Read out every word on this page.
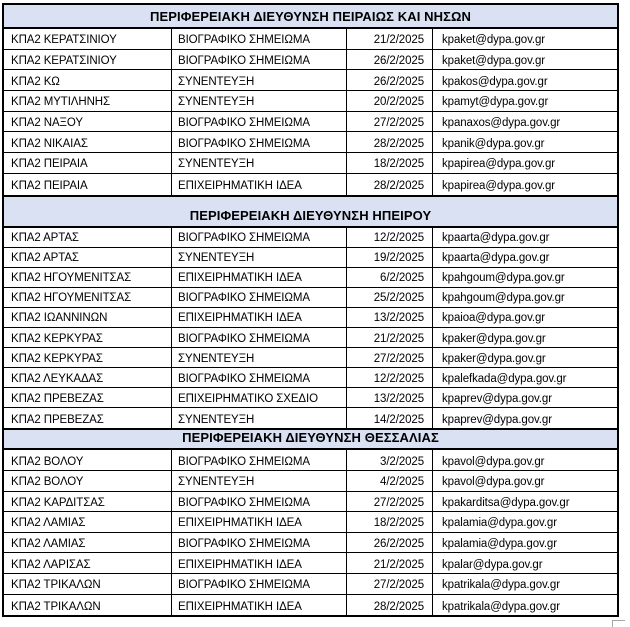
ΠΕΡΙΦΕΡΕΙΑΚΗ ΔΙΕΥΘΥΝΣΗ ΠΕΙΡΑΙΩΣ ΚΑΙ ΝΗΣΩΝ
ΚΠΑ2 ΚΕΡΑΤΣΙΝΙΟΥ	ΒΙΟΓΡΑΦΙΚΟ ΣΗΜΕΙΩΜΑ	21/2/2025	kpaket@dypa.gov.gr
ΚΠΑ2 ΚΕΡΑΤΣΙΝΙΟΥ	ΒΙΟΓΡΑΦΙΚΟ ΣΗΜΕΙΩΜΑ	26/2/2025	kpaket@dypa.gov.gr
ΚΠΑ2 ΚΩ	ΣΥΝΕΝΤΕΥΞΗ	26/2/2025	kpakos@dypa.gov.gr
ΚΠΑ2 ΜΥΤΙΛΗΝΗΣ	ΣΥΝΕΝΤΕΥΞΗ	20/2/2025	kpamyt@dypa.gov.gr
ΚΠΑ2 ΝΑΞΟΥ	ΒΙΟΓΡΑΦΙΚΟ ΣΗΜΕΙΩΜΑ	27/2/2025	kpanaxos@dypa.gov.gr
ΚΠΑ2 ΝΙΚΑΙΑΣ	ΒΙΟΓΡΑΦΙΚΟ ΣΗΜΕΙΩΜΑ	28/2/2025	kpanik@dypa.gov.gr
ΚΠΑ2 ΠΕΙΡΑΙΑ	ΣΥΝΕΝΤΕΥΞΗ	18/2/2025	kpapirea@dypa.gov.gr
ΚΠΑ2 ΠΕΙΡΑΙΑ	ΕΠΙΧΕΙΡΗΜΑΤΙΚΗ ΙΔΕΑ	28/2/2025	kpapirea@dypa.gov.gr
ΠΕΡΙΦΕΡΕΙΑΚΗ ΔΙΕΥΘΥΝΣΗ ΗΠΕΙΡΟΥ
ΚΠΑ2 ΑΡΤΑΣ	ΒΙΟΓΡΑΦΙΚΟ ΣΗΜΕΙΩΜΑ	12/2/2025	kpaarta@dypa.gov.gr
ΚΠΑ2 ΑΡΤΑΣ	ΣΥΝΕΝΤΕΥΞΗ	19/2/2025	kpaarta@dypa.gov.gr
ΚΠΑ2 ΗΓΟΥΜΕΝΙΤΣΑΣ	ΕΠΙΧΕΙΡΗΜΑΤΙΚΗ ΙΔΕΑ	6/2/2025	kpahgoum@dypa.gov.gr
ΚΠΑ2 ΗΓΟΥΜΕΝΙΤΣΑΣ	ΒΙΟΓΡΑΦΙΚΟ ΣΗΜΕΙΩΜΑ	25/2/2025	kpahgoum@dypa.gov.gr
ΚΠΑ2 ΙΩΑΝΝΙΝΩΝ	ΕΠΙΧΕΙΡΗΜΑΤΙΚΗ ΙΔΕΑ	13/2/2025	kpaioa@dypa.gov.gr
ΚΠΑ2 ΚΕΡΚΥΡΑΣ	ΒΙΟΓΡΑΦΙΚΟ ΣΗΜΕΙΩΜΑ	21/2/2025	kpaker@dypa.gov.gr
ΚΠΑ2 ΚΕΡΚΥΡΑΣ	ΣΥΝΕΝΤΕΥΞΗ	27/2/2025	kpaker@dypa.gov.gr
ΚΠΑ2 ΛΕΥΚΑΔΑΣ	ΒΙΟΓΡΑΦΙΚΟ ΣΗΜΕΙΩΜΑ	12/2/2025	kpalefkada@dypa.gov.gr
ΚΠΑ2 ΠΡΕΒΕΖΑΣ	ΕΠΙΧΕΙΡΗΜΑΤΙΚΟ ΣΧΕΔΙΟ	13/2/2025	kpaprev@dypa.gov.gr
ΚΠΑ2 ΠΡΕΒΕΖΑΣ	ΣΥΝΕΝΤΕΥΞΗ	14/2/2025	kpaprev@dypa.gov.gr
ΠΕΡΙΦΕΡΕΙΑΚΗ ΔΙΕΥΘΥΝΣΗ ΘΕΣΣΑΛΙΑΣ
ΚΠΑ2 ΒΟΛΟΥ	ΒΙΟΓΡΑΦΙΚΟ ΣΗΜΕΙΩΜΑ	3/2/2025	kpavol@dypa.gov.gr
ΚΠΑ2 ΒΟΛΟΥ	ΣΥΝΕΝΤΕΥΞΗ	4/2/2025	kpavol@dypa.gov.gr
ΚΠΑ2 ΚΑΡΔΙΤΣΑΣ	ΒΙΟΓΡΑΦΙΚΟ ΣΗΜΕΙΩΜΑ	27/2/2025	kpakarditsa@dypa.gov.gr
ΚΠΑ2 ΛΑΜΙΑΣ	ΕΠΙΧΕΙΡΗΜΑΤΙΚΗ ΙΔΕΑ	18/2/2025	kpalamia@dypa.gov.gr
ΚΠΑ2 ΛΑΜΙΑΣ	ΒΙΟΓΡΑΦΙΚΟ ΣΗΜΕΙΩΜΑ	26/2/2025	kpalamia@dypa.gov.gr
ΚΠΑ2 ΛΑΡΙΣΑΣ	ΕΠΙΧΕΙΡΗΜΑΤΙΚΗ ΙΔΕΑ	21/2/2025	kpalar@dypa.gov.gr
ΚΠΑ2 ΤΡΙΚΑΛΩΝ	ΒΙΟΓΡΑΦΙΚΟ ΣΗΜΕΙΩΜΑ	27/2/2025	kpatrikala@dypa.gov.gr
ΚΠΑ2 ΤΡΙΚΑΛΩΝ	ΕΠΙΧΕΙΡΗΜΑΤΙΚΗ ΙΔΕΑ	28/2/2025	kpatrikala@dypa.gov.gr
